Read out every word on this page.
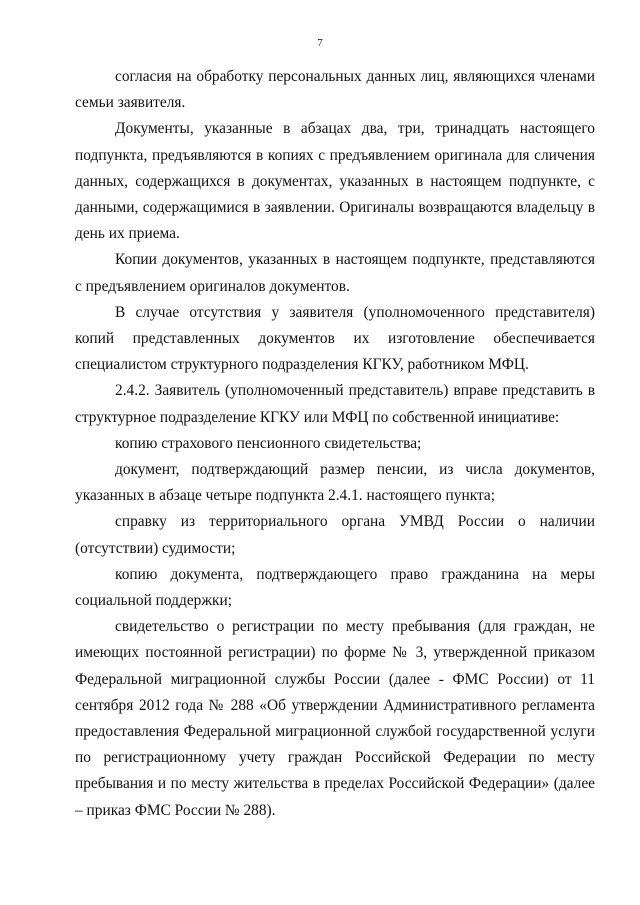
7

согласия на обработку персональных данных лиц, являющихся членами семьи заявителя.

Документы, указанные в абзацах два, три, тринадцать настоящего подпункта, предъявляются в копиях с предъявлением оригинала для сличения данных, содержащихся в документах, указанных в настоящем подпункте, с данными, содержащимися в заявлении. Оригиналы возвращаются владельцу в день их приема.

Копии документов, указанных в настоящем подпункте, представляются с предъявлением оригиналов документов.

В случае отсутствия у заявителя (уполномоченного представителя) копий представленных документов их изготовление обеспечивается специалистом структурного подразделения КГКУ, работником МФЦ.

2.4.2. Заявитель (уполномоченный представитель) вправе представить в структурное подразделение КГКУ или МФЦ по собственной инициативе:

копию страхового пенсионного свидетельства;

документ, подтверждающий размер пенсии, из числа документов, указанных в абзаце четыре подпункта 2.4.1. настоящего пункта;

справку из территориального органа УМВД России о наличии (отсутствии) судимости;

копию документа, подтверждающего право гражданина на меры социальной поддержки;

свидетельство о регистрации по месту пребывания (для граждан, не имеющих постоянной регистрации) по форме № 3, утвержденной приказом Федеральной миграционной службы России (далее - ФМС России) от 11 сентября 2012 года № 288 «Об утверждении Административного регламента предоставления Федеральной миграционной службой государственной услуги по регистрационному учету граждан Российской Федерации по месту пребывания и по месту жительства в пределах Российской Федерации» (далее – приказ ФМС России № 288).
